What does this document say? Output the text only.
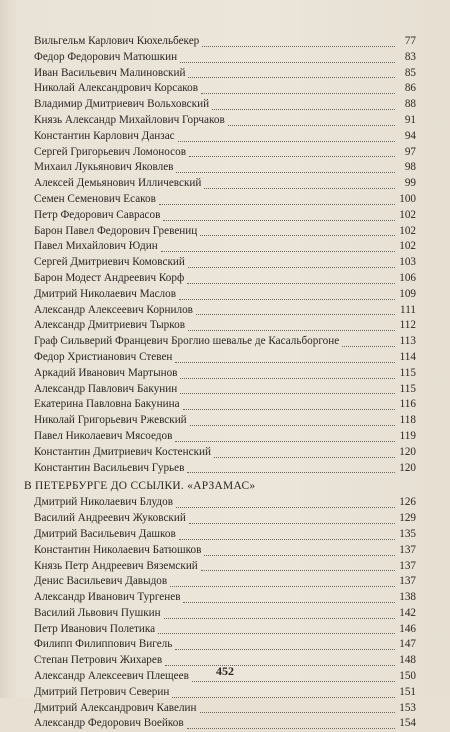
Вильгельм Карлович Кюхельбекер	77
Федор Федорович Матюшкин	83
Иван Васильевич Малиновский	85
Николай Александрович Корсаков	86
Владимир Дмитриевич Вольховский	88
Князь Александр Михайлович Горчаков	91
Константин Карлович Данзас	94
Сергей Григорьевич Ломоносов	97
Михаил Лукьянович Яковлев	98
Алексей Демьянович Илличевский	99
Семен Семенович Есаков	100
Петр Федорович Саврасов	102
Барон Павел Федорович Гревениц	102
Павел Михайлович Юдин	102
Сергей Дмитриевич Комовский	103
Барон Модест Андреевич Корф	106
Дмитрий Николаевич Маслов	109
Александр Алексеевич Корнилов	111
Александр Дмитриевич Тырков	112
Граф Сильверий Францевич Броглио шевалье де Касальборгоне	113
Федор Христианович Стевен	114
Аркадий Иванович Мартынов	115
Александр Павлович Бакунин	115
Екатерина Павловна Бакунина	116
Николай Григорьевич Ржевский	118
Павел Николаевич Мясоедов	119
Константин Дмитриевич Костенский	120
Константин Васильевич Гурьев	120
В ПЕТЕРБУРГЕ ДО ССЫЛКИ. «АРЗАМАС»
Дмитрий Николаевич Блудов	126
Василий Андреевич Жуковский	129
Дмитрий Васильевич Дашков	135
Константин Николаевич Батюшков	137
Князь Петр Андреевич Вяземский	137
Денис Васильевич Давыдов	137
Александр Иванович Тургенев	138
Василий Львович Пушкин	142
Петр Иванович Полетика	146
Филипп Филиппович Вигель	147
Степан Петрович Жихарев	148
Александр Алексеевич Плещеев	150
Дмитрий Петрович Северин	151
Дмитрий Александрович Кавелин	153
Александр Федорович Воейков	154
452
